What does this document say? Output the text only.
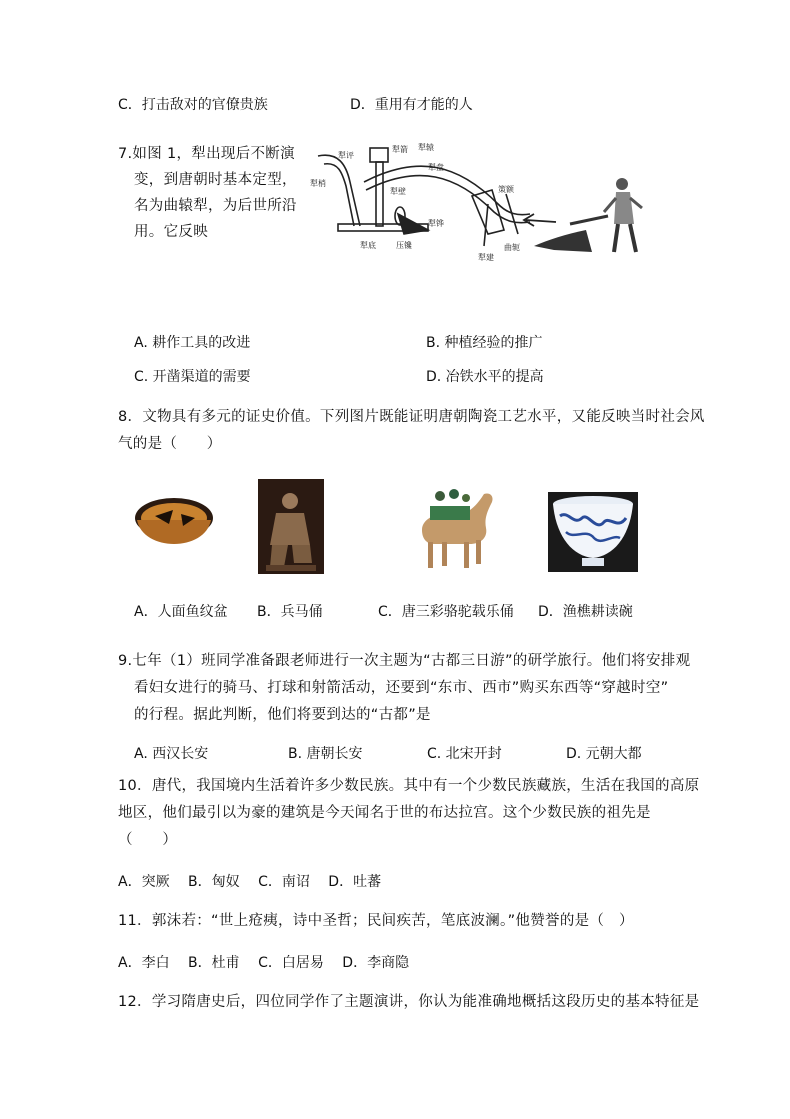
C．打击敌对的官僚贵族	D．重用有才能的人
7.如图 1，犁出现后不断演
变，到唐朝时基本定型，
名为曲辕犁，为后世所沿
用。它反映
犁评
犁箭 犁辕
犁梢
犁底
犁壁
犁铧
犁盘
压镵
策额
犁建
曲轭
A. 耕作工具的改进	B. 种植经验的推广
C. 开凿渠道的需要	D. 冶铁水平的提高
8．文物具有多元的证史价值。下列图片既能证明唐朝陶瓷工艺水平，又能反映当时社会风
气的是（　　）
A．人面鱼纹盆 B．兵马俑	C．唐三彩骆驼载乐俑 D．渔樵耕读碗
9.七年（1）班同学准备跟老师进行一次主题为“古都三日游”的研学旅行。他们将安排观
看妇女进行的骑马、打球和射箭活动，还要到“东市、西市”购买东西等“穿越时空”
的行程。据此判断，他们将要到达的“古都”是
A. 西汉长安	B. 唐朝长安	C. 北宋开封	D. 元朝大都
10．唐代，我国境内生活着许多少数民族。其中有一个少数民族藏族，生活在我国的高原
地区，他们最引以为豪的建筑是今天闻名于世的布达拉宫。这个少数民族的祖先是
（　　）
A．突厥　 B．匈奴　 C．南诏　 D．吐蕃
11．郭沫若：“世上疮痍，诗中圣哲；民间疾苦，笔底波澜。”他赞誉的是（　）
A．李白　 B．杜甫　 C．白居易　 D．李商隐
12．学习隋唐史后，四位同学作了主题演讲，你认为能准确地概括这段历史的基本特征是
